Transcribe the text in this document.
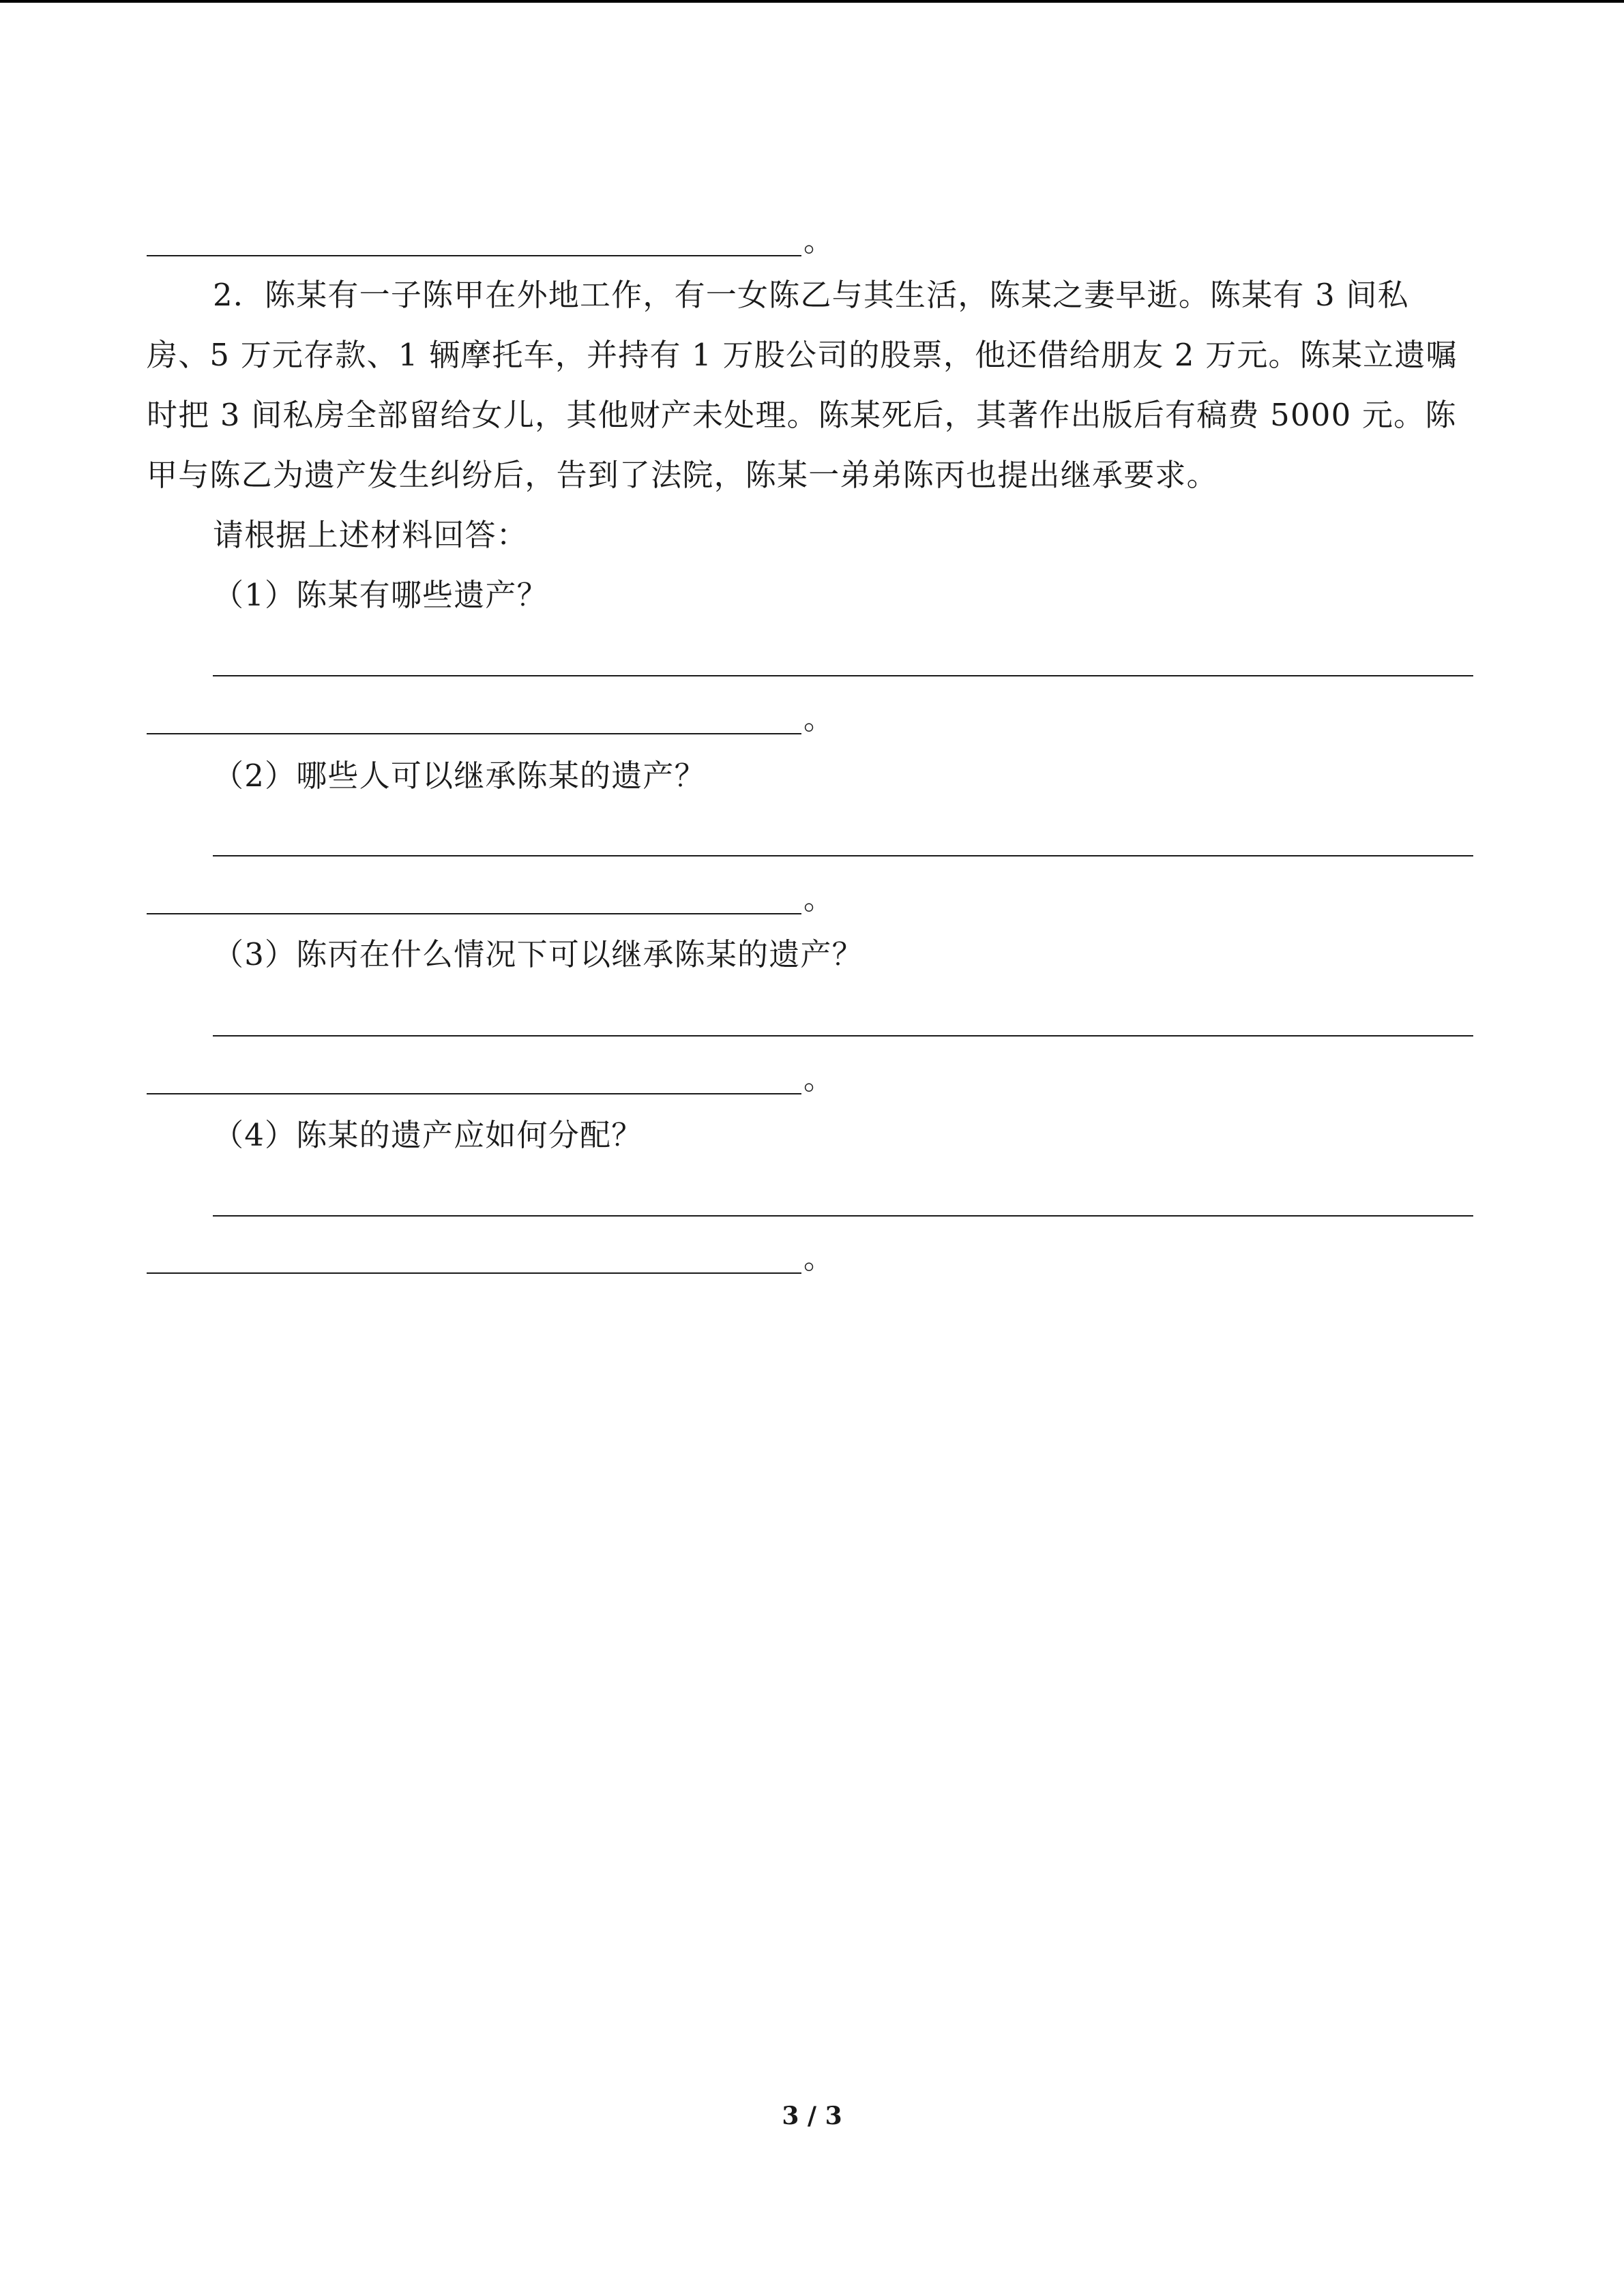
。
2．陈某有一子陈甲在外地工作，有一女陈乙与其生活，陈某之妻早逝。陈某有 3 间私
房、5 万元存款、1 辆摩托车，并持有 1 万股公司的股票，他还借给朋友 2 万元。陈某立遗嘱
时把 3 间私房全部留给女儿，其他财产未处理。陈某死后，其著作出版后有稿费 5000 元。陈
甲与陈乙为遗产发生纠纷后，告到了法院，陈某一弟弟陈丙也提出继承要求。
请根据上述材料回答：
（1）陈某有哪些遗产？
。
（2）哪些人可以继承陈某的遗产？
。
（3）陈丙在什么情况下可以继承陈某的遗产？
。
（4）陈某的遗产应如何分配？
。
3 / 3
